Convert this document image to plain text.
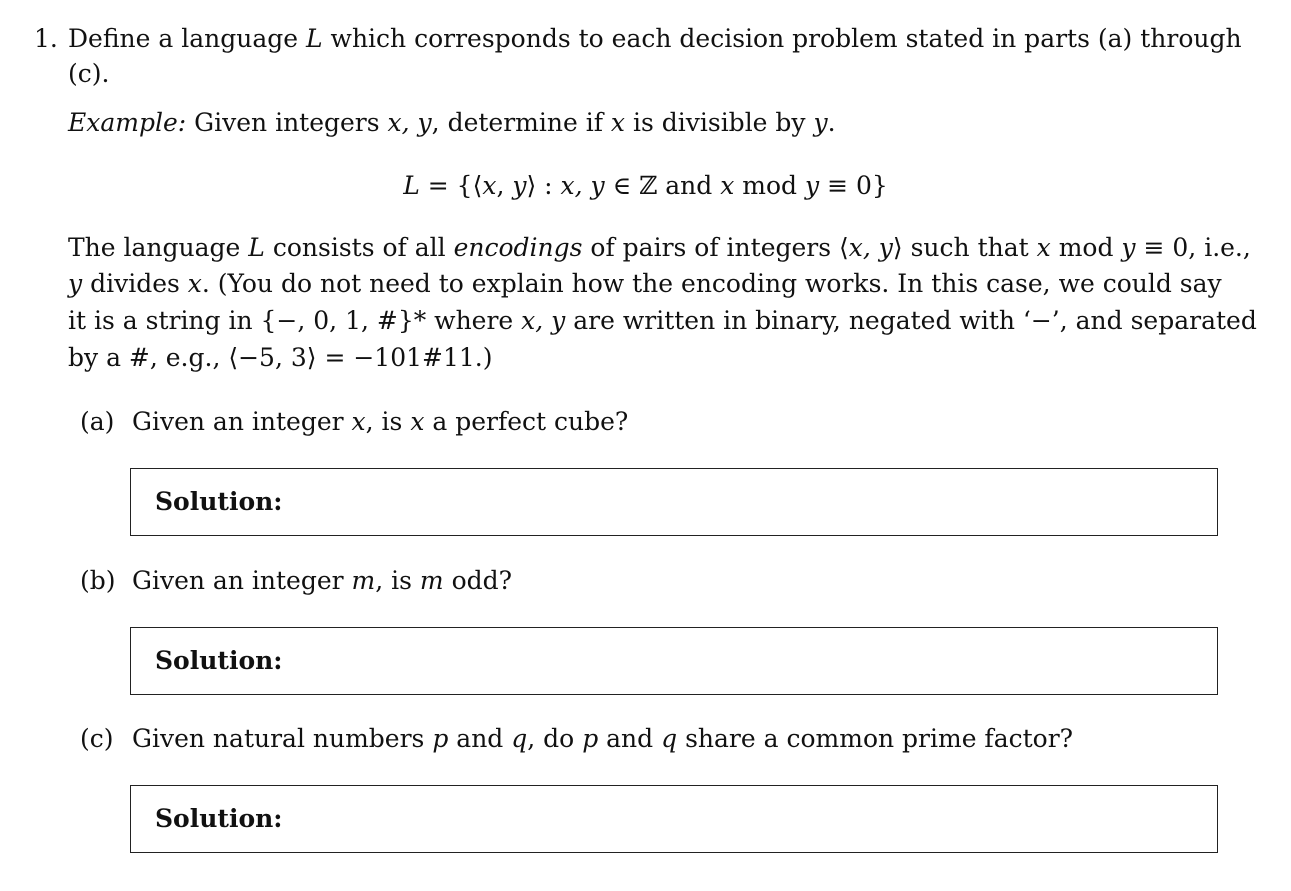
1. Define a language L which corresponds to each decision problem stated in parts (a) through
(c).
Example: Given integers x, y, determine if x is divisible by y.
L = {⟨x, y⟩ : x, y ∈ ℤ and x mod y ≡ 0}
The language L consists of all encodings of pairs of integers ⟨x, y⟩ such that x mod y ≡ 0, i.e.,
y divides x. (You do not need to explain how the encoding works. In this case, we could say
it is a string in {−, 0, 1, #}* where x, y are written in binary, negated with ‘−’, and separated
by a #, e.g., ⟨−5, 3⟩ = −101#11.)
(a) Given an integer x, is x a perfect cube?
Solution:
(b) Given an integer m, is m odd?
Solution:
(c) Given natural numbers p and q, do p and q share a common prime factor?
Solution:
